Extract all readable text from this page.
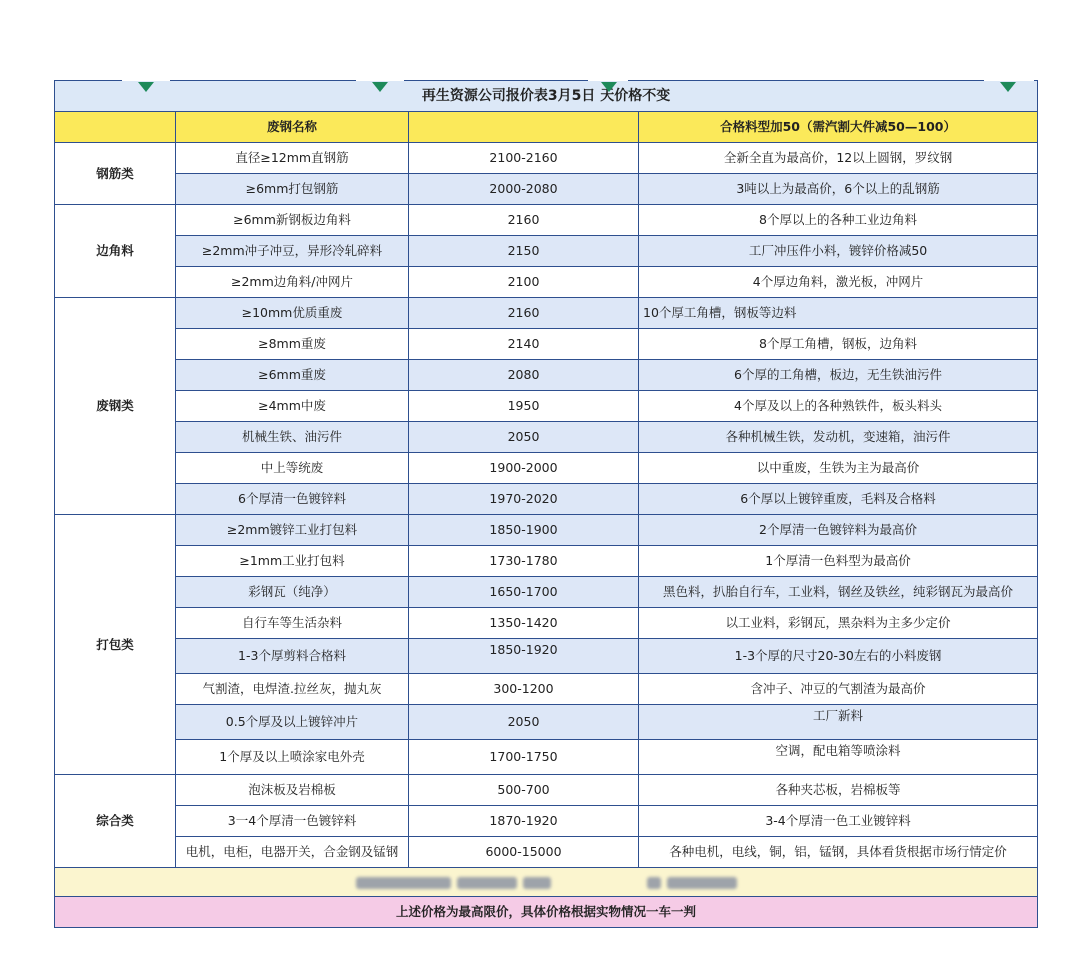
再生资源公司报价表3月5日 天价格不变			
	废钢名称		合格料型加50（需汽割大件减50—100）
钢筋类	直径≥12mm直钢筋	2100-2160	全新全直为最高价，12以上圆钢，罗纹钢
	≥6mm打包钢筋	2000-2080	3吨以上为最高价，6个以上的乱钢筋
边角料	≥6mm新钢板边角料	2160	8个厚以上的各种工业边角料
	≥2mm冲子冲豆，异形冷轧碎料	2150	工厂冲压件小料，镀锌价格减50
	≥2mm边角料/冲网片	2100	4个厚边角料，激光板，冲网片
废钢类	≥10mm优质重废	2160	10个厚工角槽，钢板等边料
	≥8mm重废	2140	8个厚工角槽，钢板，边角料
	≥6mm重废	2080	6个厚的工角槽，板边，无生铁油污件
	≥4mm中废	1950	4个厚及以上的各种熟铁件，板头料头
	机械生铁、油污件	2050	各种机械生铁，发动机，变速箱，油污件
	中上等统废	1900-2000	以中重废，生铁为主为最高价
	6个厚清一色镀锌料	1970-2020	6个厚以上镀锌重废，毛料及合格料
打包类	≥2mm镀锌工业打包料	1850-1900	2个厚清一色镀锌料为最高价
	≥1mm工业打包料	1730-1780	1个厚清一色料型为最高价
	彩钢瓦（纯净）	1650-1700	黑色料，扒胎自行车，工业料，钢丝及铁丝，纯彩钢瓦为最高价
	自行车等生活杂料	1350-1420	以工业料，彩钢瓦，黑杂料为主多少定价
	1-3个厚剪料合格料	1850-1920	1-3个厚的尺寸20-30左右的小料废钢
	气割渣，电焊渣.拉丝灰，抛丸灰	300-1200	含冲子、冲豆的气割渣为最高价
	0.5个厚及以上镀锌冲片	2050	工厂新料
	1个厚及以上喷涂家电外壳	1700-1750	空调，配电箱等喷涂料
综合类	泡沫板及岩棉板	500-700	各种夹芯板，岩棉板等
	3一4个厚清一色镀锌料	1870-1920	3-4个厚清一色工业镀锌料
	电机，电柜，电器开关，合金钢及锰钢	6000-15000	各种电机，电线，铜，铝，锰钢，具体看货根据市场行情定价

上述价格为最高限价，具体价格根据实物情况一车一判			
